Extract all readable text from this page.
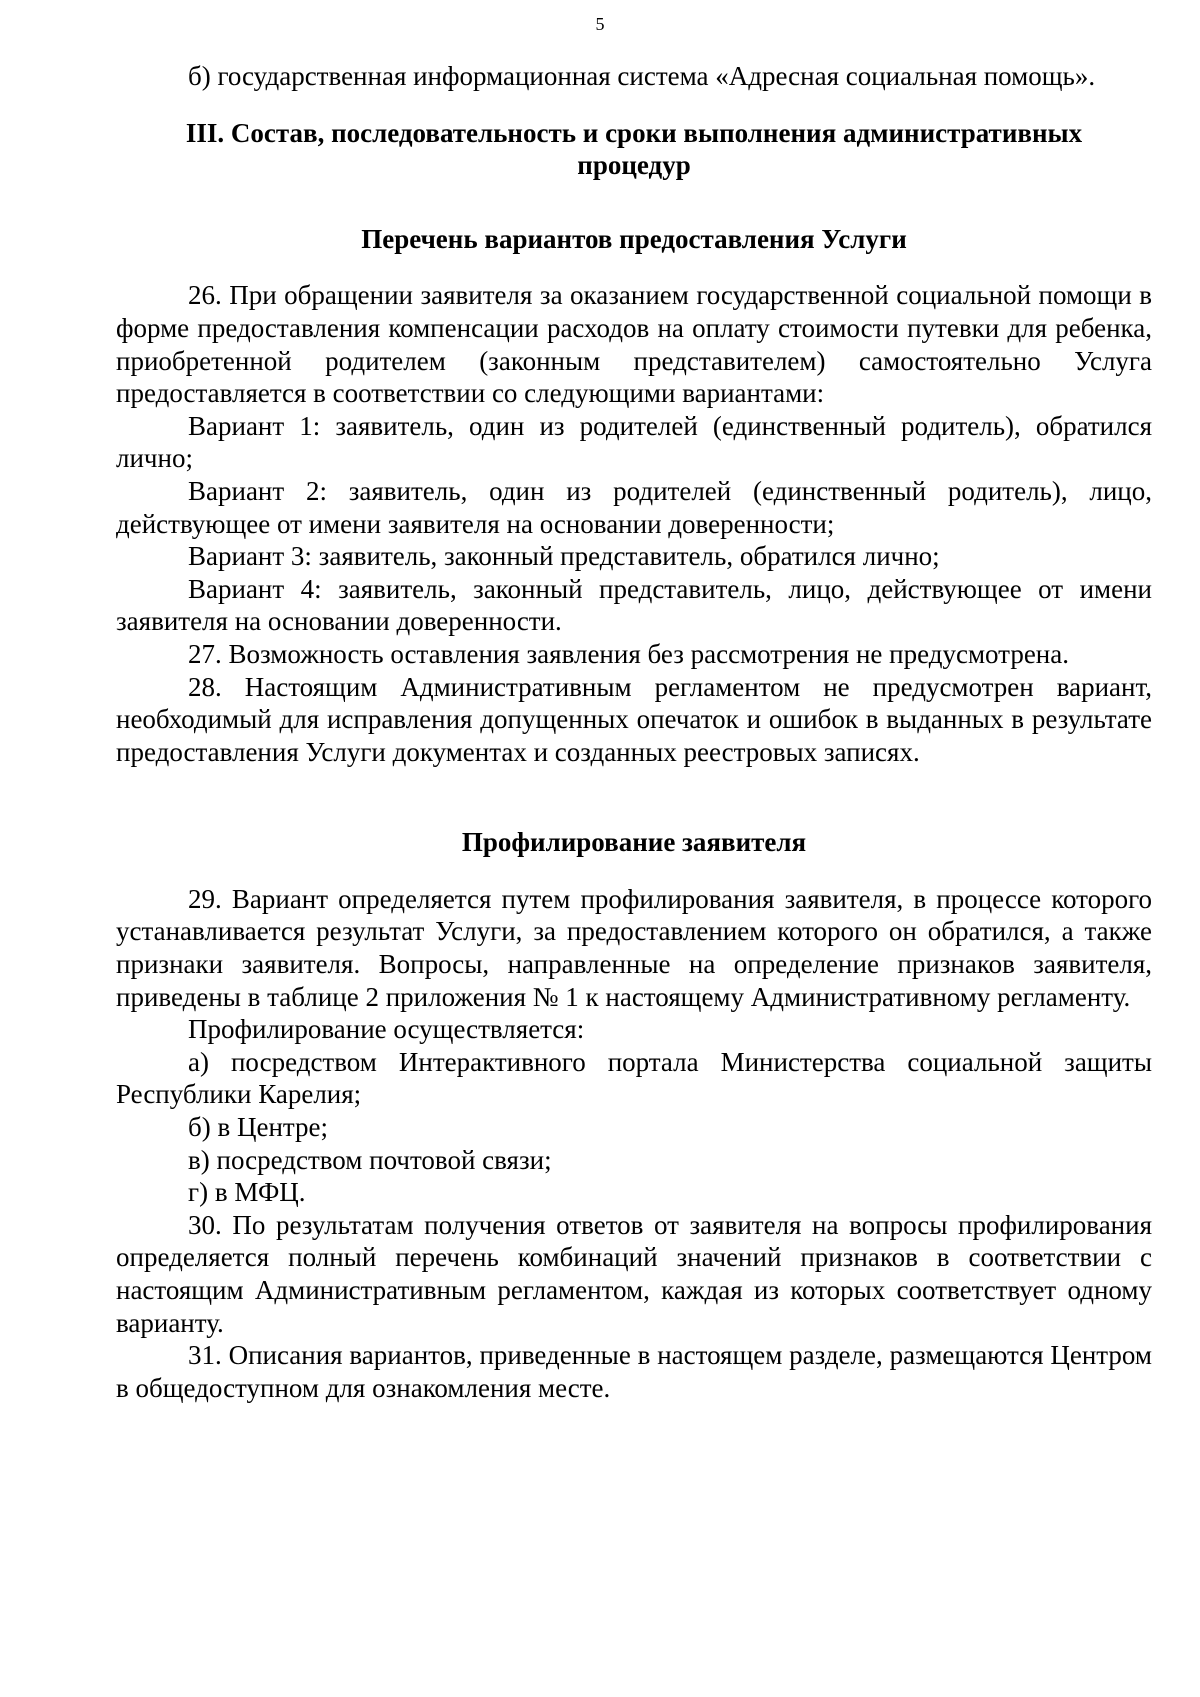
5

б) государственная информационная система «Адресная социальная помощь».

III. Состав, последовательность и сроки выполнения административных
процедур
Перечень вариантов предоставления Услуги

26. При обращении заявителя за оказанием государственной социальной помощи в форме предоставления компенсации расходов на оплату стоимости путевки для ребенка, приобретенной родителем (законным представителем) самостоятельно Услуга предоставляется в соответствии со следующими вариантами:

Вариант 1: заявитель, один из родителей (единственный родитель), обратился лично;

Вариант 2: заявитель, один из родителей (единственный родитель), лицо, действующее от имени заявителя на основании доверенности;

Вариант 3: заявитель, законный представитель, обратился лично;

Вариант 4: заявитель, законный представитель, лицо, действующее от имени заявителя на основании доверенности.

27. Возможность оставления заявления без рассмотрения не предусмотрена.

28. Настоящим Административным регламентом не предусмотрен вариант, необходимый для исправления допущенных опечаток и ошибок в выданных в результате предоставления Услуги документах и созданных реестровых записях.

Профилирование заявителя

29. Вариант определяется путем профилирования заявителя, в процессе которого устанавливается результат Услуги, за предоставлением которого он обратился, а также признаки заявителя. Вопросы, направленные на определение признаков заявителя, приведены в таблице 2 приложения № 1 к настоящему Административному регламенту.

Профилирование осуществляется:

а) посредством Интерактивного портала Министерства социальной защиты Республики Карелия;

б) в Центре;

в) посредством почтовой связи;

г) в МФЦ.

30. По результатам получения ответов от заявителя на вопросы профилирования определяется полный перечень комбинаций значений признаков в соответствии с настоящим Административным регламентом, каждая из которых соответствует одному варианту.

31. Описания вариантов, приведенные в настоящем разделе, размещаются Центром в общедоступном для ознакомления месте.
